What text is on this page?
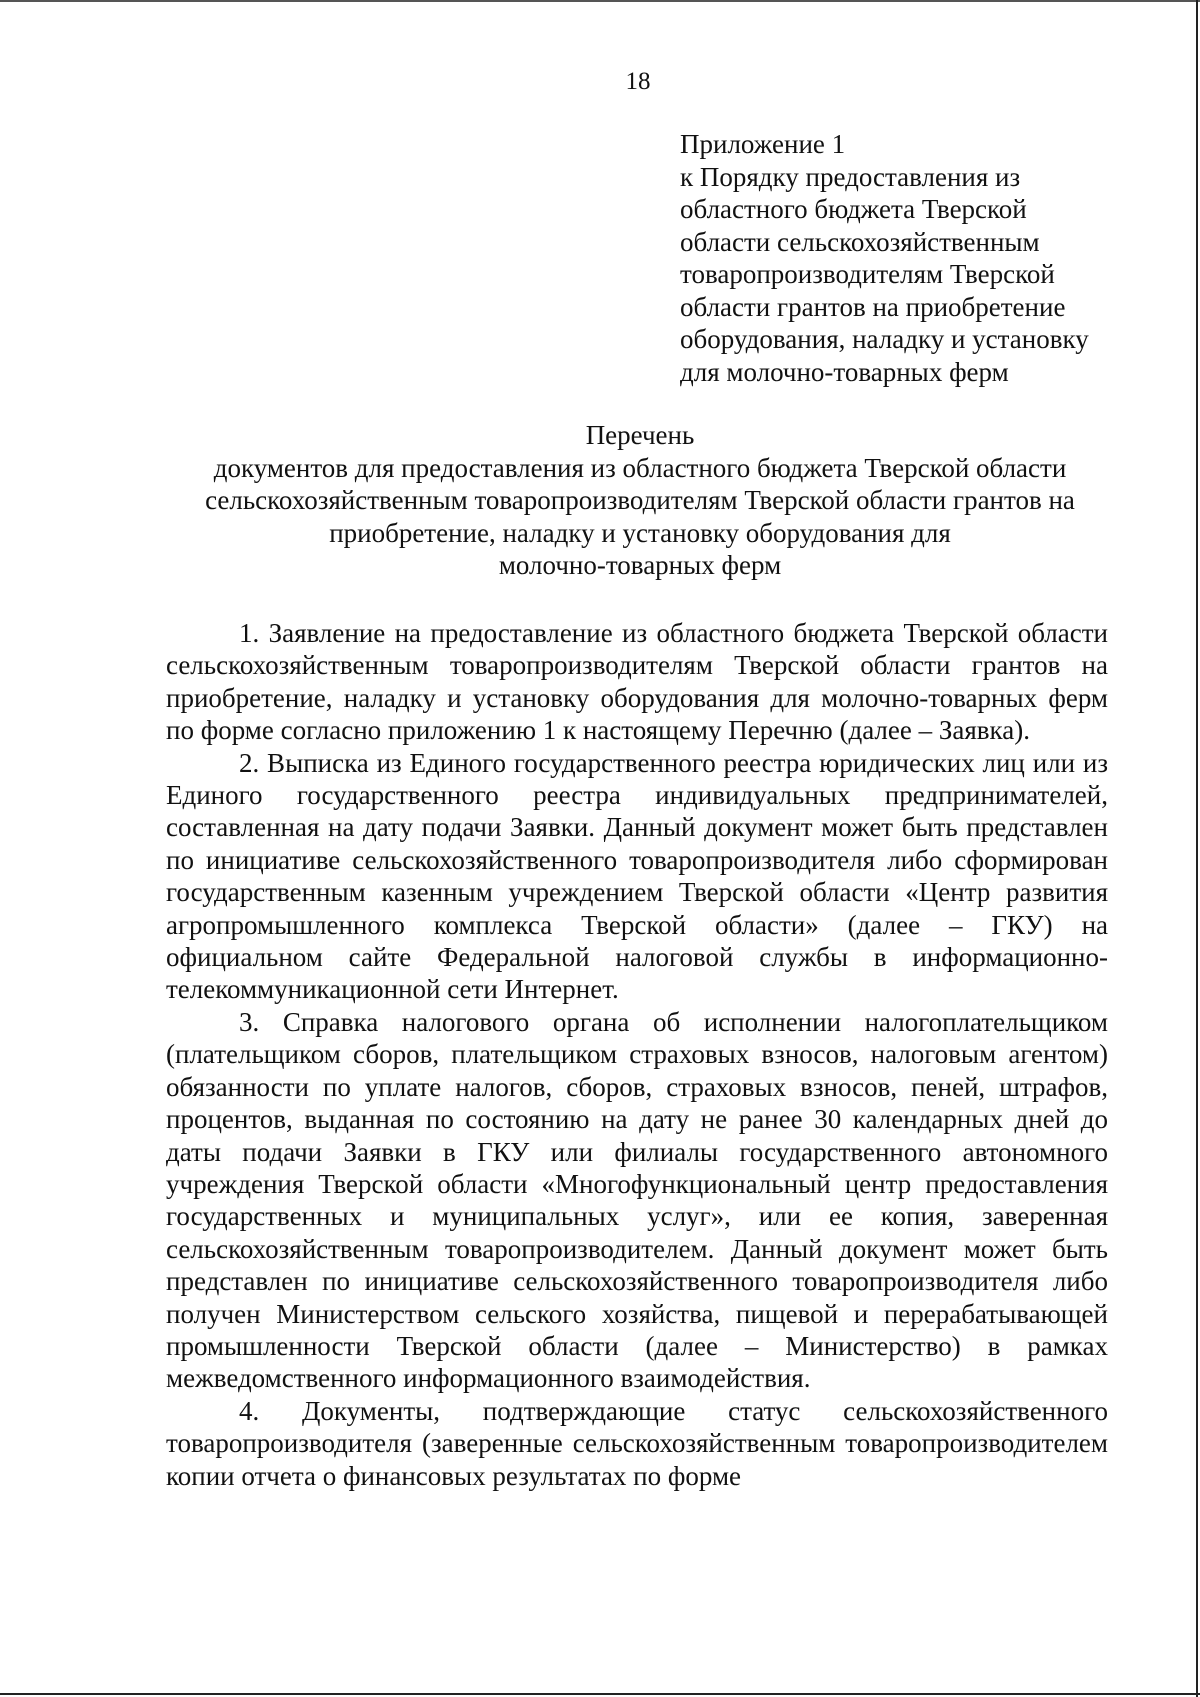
18
Приложение 1
к Порядку предоставления из
областного бюджета Тверской
области сельскохозяйственным
товаропроизводителям Тверской
области грантов на приобретение
оборудования, наладку и установку
для молочно-товарных ферм
Перечень
документов для предоставления из областного бюджета Тверской области
сельскохозяйственным товаропроизводителям Тверской области грантов на
приобретение, наладку и установку оборудования для
молочно-товарных ферм

1. Заявление на предоставление из областного бюджета Тверской области сельскохозяйственным товаропроизводителям Тверской области грантов на приобретение, наладку и установку оборудования для молочно-товарных ферм по форме согласно приложению 1 к настоящему Перечню (далее – Заявка).

2. Выписка из Единого государственного реестра юридических лиц или из Единого государственного реестра индивидуальных предпринимателей, составленная на дату подачи Заявки. Данный документ может быть представлен по инициативе сельскохозяйственного товаропроизводителя либо сформирован государственным казенным учреждением Тверской области «Центр развития агропромышленного комплекса Тверской области» (далее – ГКУ) на официальном сайте Федеральной налоговой службы в информационно-телекоммуникационной сети Интернет.

3. Справка налогового органа об исполнении налогоплательщиком (плательщиком сборов, плательщиком страховых взносов, налоговым агентом) обязанности по уплате налогов, сборов, страховых взносов, пеней, штрафов, процентов, выданная по состоянию на дату не ранее 30 календарных дней до даты подачи Заявки в ГКУ или филиалы государственного автономного учреждения Тверской области «Многофункциональный центр предоставления государственных и муниципальных услуг», или ее копия, заверенная сельскохозяйственным товаропроизводителем. Данный документ может быть представлен по инициативе сельскохозяйственного товаропроизводителя либо получен Министерством сельского хозяйства, пищевой и перерабатывающей промышленности Тверской области (далее – Министерство) в рамках межведомственного информационного взаимодействия.

4. Документы, подтверждающие статус сельскохозяйственного товаропроизводителя (заверенные сельскохозяйственным товаропроизводителем копии отчета о финансовых результатах по форме
